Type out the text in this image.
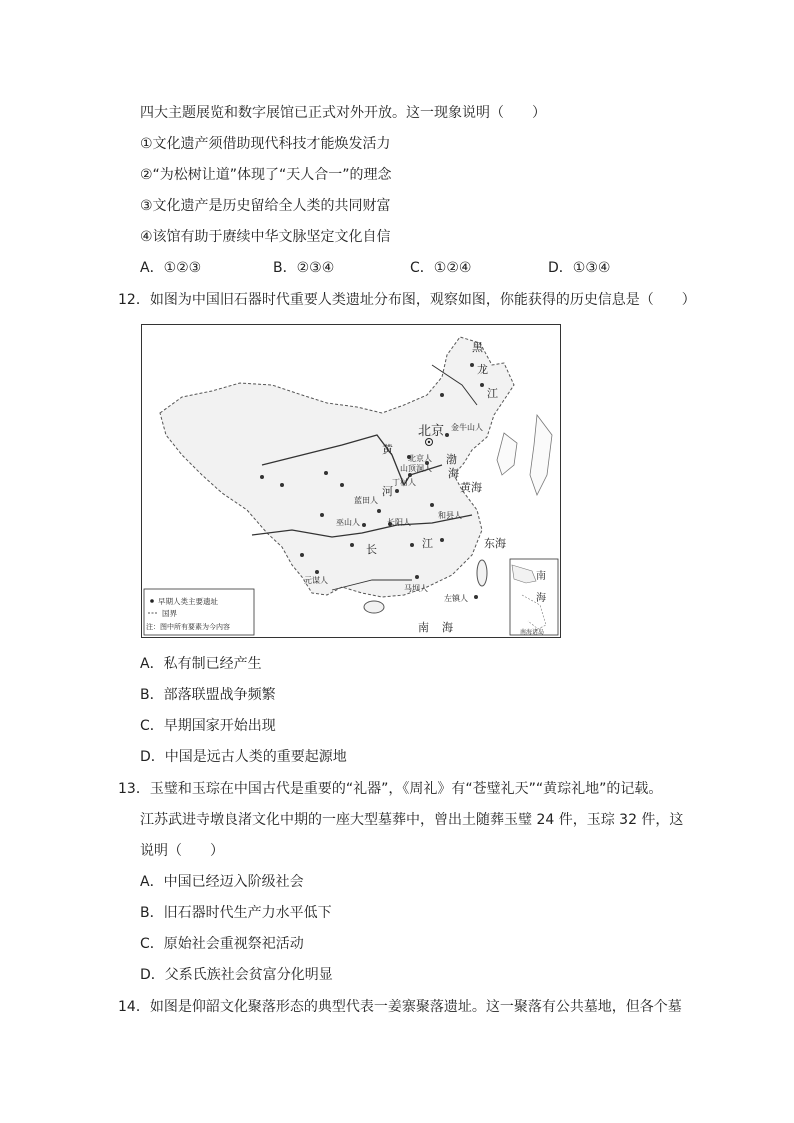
四大主题展览和数字展馆已正式对外开放。这一现象说明（　　）
①文化遗产须借助现代科技才能焕发活力
②“为松树让道”体现了“天人合一”的理念
③文化遗产是历史留给全人类的共同财富
④该馆有助于赓续中华文脉坚定文化自信
A．①②③	B．②③④	C．①②④	D．①③④
12．如图为中国旧石器时代重要人类遗址分布图，观察如图，你能获得的历史信息是（　　）
黑
龙
江
北京
黄
渤
海
河	黄海
长	江	东海
南 海
金牛山人
北京人
山顶洞人
丁村人
蓝田人
和县人
巫山人	长阳人
元谋人
马坝人
左镇人
早期人类主要遗址
国界
注：图中所有要素为今内容
南
海
南海诸岛
A．私有制已经产生
B．部落联盟战争频繁
C．早期国家开始出现
D．中国是远古人类的重要起源地
13．玉璧和玉琮在中国古代是重要的“礼器”，《周礼》有“苍璧礼天”“黄琮礼地”的记载。
江苏武进寺墩良渚文化中期的一座大型墓葬中，曾出土随葬玉璧 24 件，玉琮 32 件，这
说明（　　）
A．中国已经迈入阶级社会
B．旧石器时代生产力水平低下
C．原始社会重视祭祀活动
D．父系氏族社会贫富分化明显
14．如图是仰韶文化聚落形态的典型代表一姜寨聚落遗址。这一聚落有公共墓地，但各个墓
